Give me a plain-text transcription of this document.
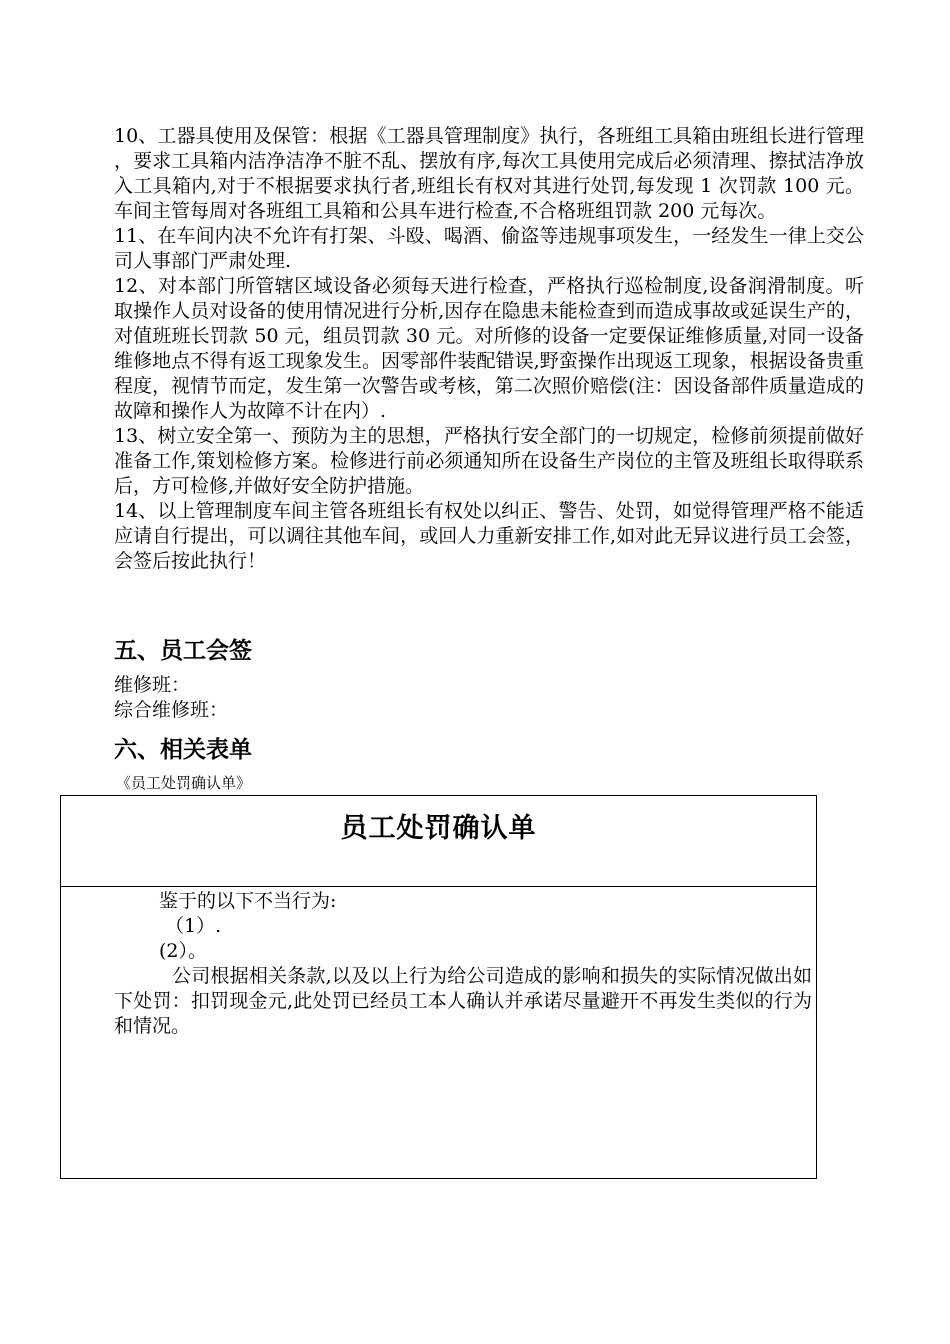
10、工器具使用及保管：根据《工器具管理制度》执行，各班组工具箱由班组长进行管理 ，要求工具箱内洁净洁净不脏不乱、摆放有序,每次工具使用完成后必须清理、擦拭洁净放入工具箱内,对于不根据要求执行者,班组长有权对其进行处罚,每发现 1 次罚款 100 元。车间主管每周对各班组工具箱和公具车进行检查,不合格班组罚款 200 元每次。

11、在车间内决不允许有打架、斗殴、喝酒、偷盗等违规事项发生，一经发生一律上交公司人事部门严肃处理.

12、对本部门所管辖区域设备必须每天进行检查，严格执行巡检制度,设备润滑制度。听取操作人员对设备的使用情况进行分析,因存在隐患未能检查到而造成事故或延误生产的，对值班班长罚款 50 元，组员罚款 30 元。对所修的设备一定要保证维修质量,对同一设备维修地点不得有返工现象发生。因零部件装配错误,野蛮操作出现返工现象，根据设备贵重程度，视情节而定，发生第一次警告或考核，第二次照价赔偿(注：因设备部件质量造成的故障和操作人为故障不计在内）.

13、树立安全第一、预防为主的思想，严格执行安全部门的一切规定，检修前须提前做好准备工作,策划检修方案。检修进行前必须通知所在设备生产岗位的主管及班组长取得联系后，方可检修,并做好安全防护措施。

14、以上管理制度车间主管各班组长有权处以纠正、警告、处罚，如觉得管理严格不能适应请自行提出，可以调往其他车间，或回人力重新安排工作,如对此无异议进行员工会签，会签后按此执行！

五、员工会签
维修班：
综合维修班：
六、相关表单
《员工处罚确认单》
员工处罚确认单
鉴于的以下不当行为:
（1）.
(2）。
公司根据相关条款,以及以上行为给公司造成的影响和损失的实际情况做出如下处罚：扣罚现金元,此处罚已经员工本人确认并承诺尽量避开不再发生类似的行为和情况。
